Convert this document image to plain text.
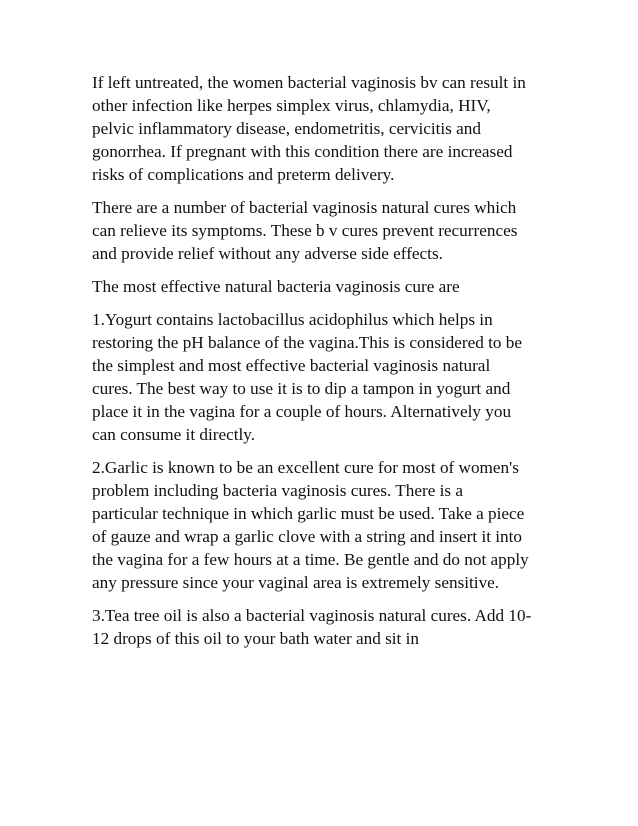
If left untreated, the women bacterial vaginosis bv can result in other infection like herpes simplex virus, chlamydia, HIV, pelvic inflammatory disease, endometritis, cervicitis and gonorrhea. If pregnant with this condition there are increased risks of complications and preterm delivery.

There are a number of bacterial vaginosis natural cures which can relieve its symptoms. These b v cures prevent recurrences and provide relief without any adverse side effects.

The most effective natural bacteria vaginosis cure are

1.Yogurt contains lactobacillus acidophilus which helps in restoring the pH balance of the vagina.This is considered to be the simplest and most effective bacterial vaginosis natural cures. The best way to use it is to dip a tampon in yogurt and place it in the vagina for a couple of hours. Alternatively you can consume it directly.

2.Garlic is known to be an excellent cure for most of women's problem including bacteria vaginosis cures. There is a particular technique in which garlic must be used. Take a piece of gauze and wrap a garlic clove with a string and insert it into the vagina for a few hours at a time. Be gentle and do not apply any pressure since your vaginal area is extremely sensitive.

3.Tea tree oil is also a bacterial vaginosis natural cures. Add 10-12 drops of this oil to your bath water and sit in
